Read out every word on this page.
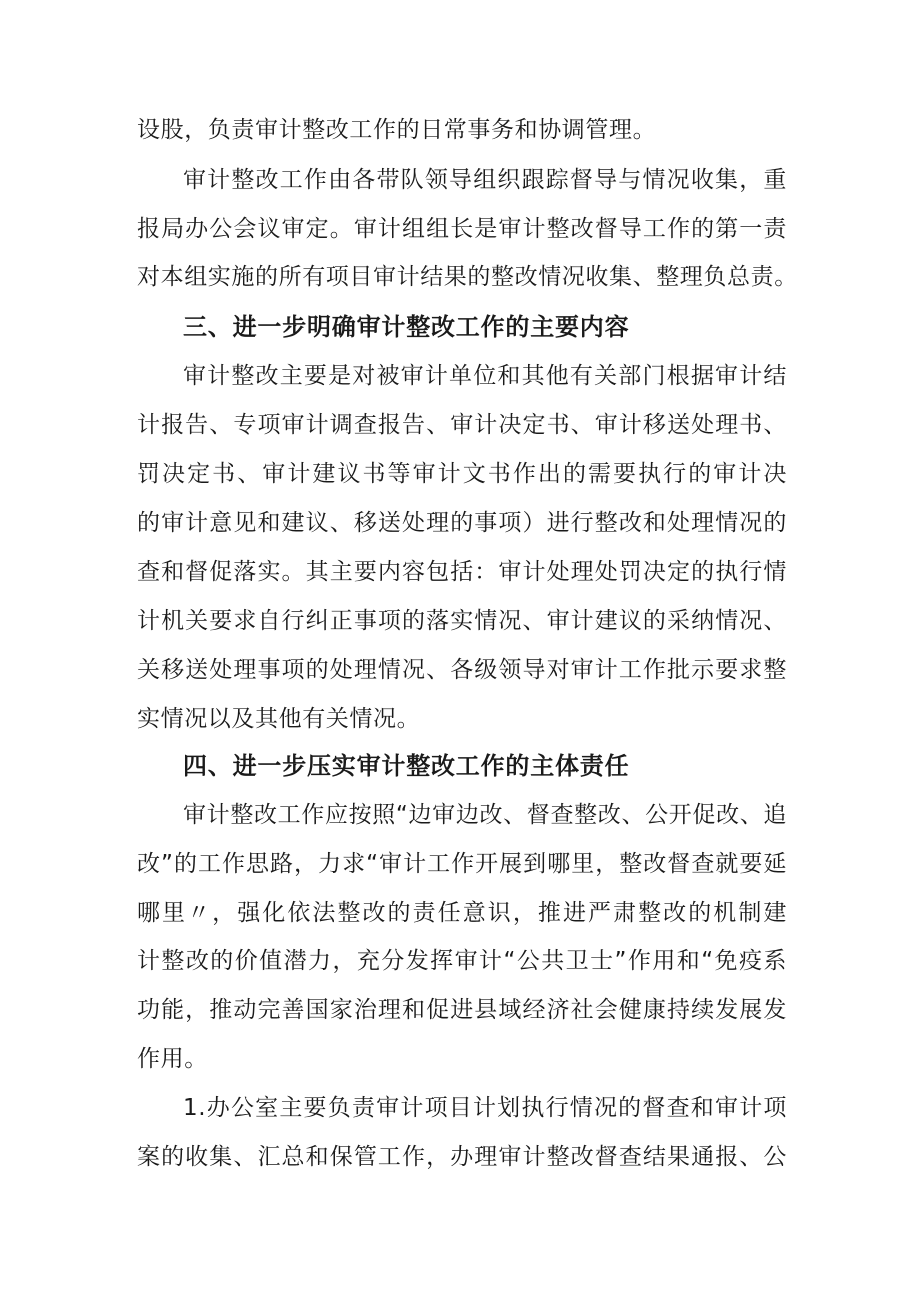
设股，负责审计整改工作的日常事务和协调管理。
审计整改工作由各带队领导组织跟踪督导与情况收集，重
报局办公会议审定。审计组组长是审计整改督导工作的第一责
对本组实施的所有项目审计结果的整改情况收集、整理负总责。
三、进一步明确审计整改工作的主要内容
审计整改主要是对被审计单位和其他有关部门根据审计结
计报告、专项审计调查报告、审计决定书、审计移送处理书、
罚决定书、审计建议书等审计文书作出的需要执行的审计决
的审计意见和建议、移送处理的事项）进行整改和处理情况的
查和督促落实。其主要内容包括：审计处理处罚决定的执行情
计机关要求自行纠正事项的落实情况、审计建议的采纳情况、
关移送处理事项的处理情况、各级领导对审计工作批示要求整
实情况以及其他有关情况。
四、进一步压实审计整改工作的主体责任
审计整改工作应按照“边审边改、督查整改、公开促改、追
改”的工作思路，力求“审计工作开展到哪里，整改督查就要延
哪里〃，强化依法整改的责任意识，推进严肃整改的机制建
计整改的价值潜力，充分发挥审计“公共卫士”作用和“免疫系
功能，推动完善国家治理和促进县域经济社会健康持续发展发
作用。
1.办公室主要负责审计项目计划执行情况的督查和审计项
案的收集、汇总和保管工作，办理审计整改督查结果通报、公
